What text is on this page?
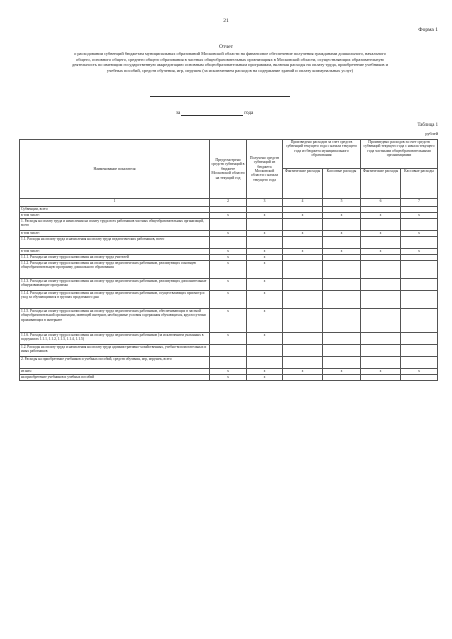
21
Форма 1
Отчет
о расходовании субвенций бюджетам муниципальных образований Московской области на финансовое обеспечение получения гражданами дошкольного, начального
общего, основного общего, среднего общего образования в частных общеобразовательных организациях в Московской области, осуществляющих образовательную
деятельность по имеющим государственную аккредитацию основным общеобразовательным программам, включая расходы на оплату труда, приобретение учебников и
учебных пособий, средств обучения, игр, игрушек (за исключением расходов на содержание зданий и оплату коммунальных услуг)
за	года
Таблица 1
рублей
Наименование показателя	Предусмотрено средств субвенций в бюджете Московской области на текущий год	Получено средств субвенций из бюджета Московской области с начала текущего года	Произведено расходов за счет средств субвенций текущего года с начала текущего года из бюджета муниципального образования		Произведено расходов за счет средств субвенций текущего года с начала текущего года частными общеобразовательными организациями	
			Фактические расходы	Кассовые расходы	Фактические расходы	Кассовые расходы
1	2	3	4	5	6	7
Субвенции, всего						
в том числе:	x	x	x	x	x	x
1. Расходы на оплату труда и начисления на оплату труда всех работников частных общеобразовательных организаций, всего						
в том числе:	x	x	x	x	x	x
1.1. Расходы на оплату труда и начисления на оплату труда педагогических работников, всего						
в том числе:	x	x	x	x	x	x
1.1.1. Расходы на оплату труда и начисления на оплату труда учителей	x	x				
1.1.2. Расходы на оплату труда и начисления на оплату труда педагогических работников, реализующих основную общеобразовательную программу дошкольного образования	x	x				
1.1.3. Расходы на оплату труда и начисления на оплату труда педагогических работников, реализующих дополнительные общеразвивающие программы	x	x				
1.1.4. Расходы на оплату труда и начисления на оплату труда педагогических работников, осуществляющих присмотр и уход за обучающимися в группах продленного дня	x	x				
1.1.5. Расходы на оплату труда и начисления на оплату труда педагогических работников, обеспечивающих в частной общеобразовательной организации, имеющей интернат, необходимые условия содержания обучающихся, круглосуточно проживающих в интернате	x	x				
1.1.6. Расходы на оплату труда и начисления на оплату труда педагогических работников (за исключением указанных в подпунктах 1.1.1, 1.1.2, 1.1.3, 1.1.4, 1.1.5)	x	x				
1.2. Расходы на оплату труда и начисления на оплату труда административно-хозяйственных, учебно-вспомогательных и иных работников						
2. Расходы на приобретение учебников и учебных пособий, средств обучения, игр, игрушек, всего						
из них:	x	x	x	x	x	x
на приобретение учебников и учебных пособий	x	x				
